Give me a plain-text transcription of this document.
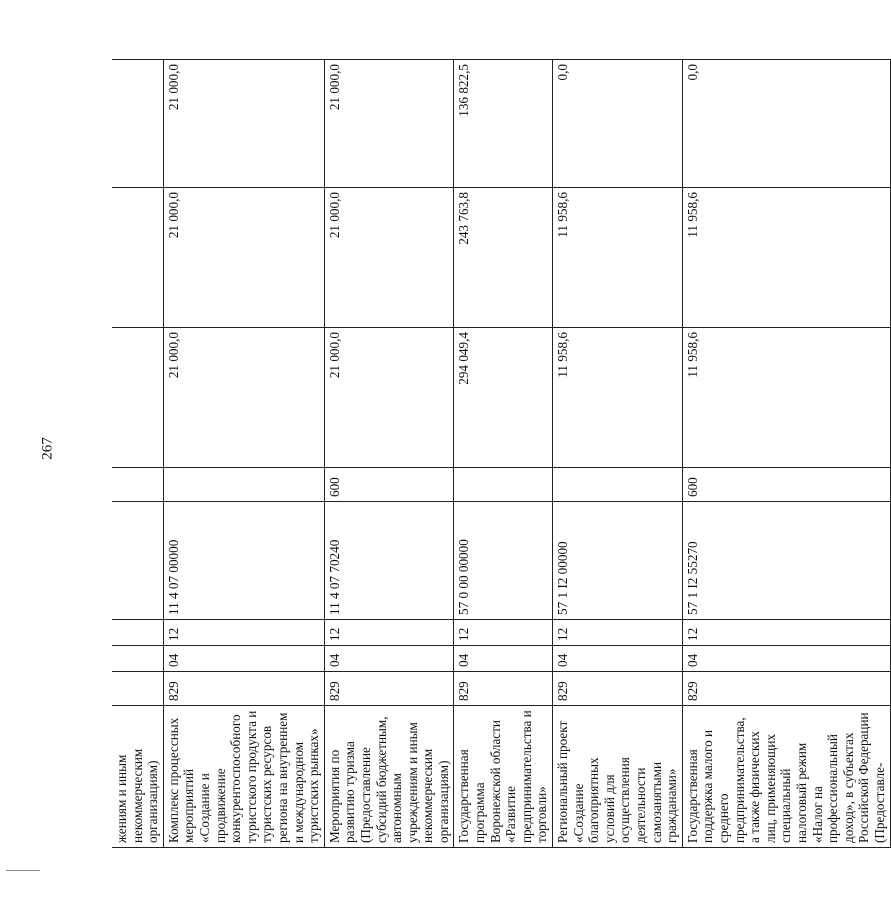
267
жениям и иным некоммерческим организациям)								
Комплекс процессных мероприятий «Создание и продвижение конкурентоспособного туристского продукта и туристских ресурсов региона на внутреннем и международном туристских рынках»	829	04	12	11 4 07 00000		21 000,0	21 000,0	21 000,0
Мероприятия по развитию туризма (Предоставление субсидий бюджетным, автономным учреждениям и иным некоммерческим организациям)	829	04	12	11 4 07 70240	600	21 000,0	21 000,0	21 000,0
Государственная программа Воронежской области «Развитие предпринимательства и торговли»	829	04	12	57 0 00 00000		294 049,4	243 763,8	136 822,5
Региональный проект «Создание благоприятных условий для осуществления деятельности самозанятыми гражданами»	829	04	12	57 1 I2 00000		11 958,6	11 958,6	0,0
Государственная поддержка малого и среднего предпринимательства, а также физических лиц, применяющих специальный налоговый режим «Налог на профессиональный доход», в субъектах Российской Федерации (Предоставле-	829	04	12	57 1 I2 55270	600	11 958,6	11 958,6	0,0
